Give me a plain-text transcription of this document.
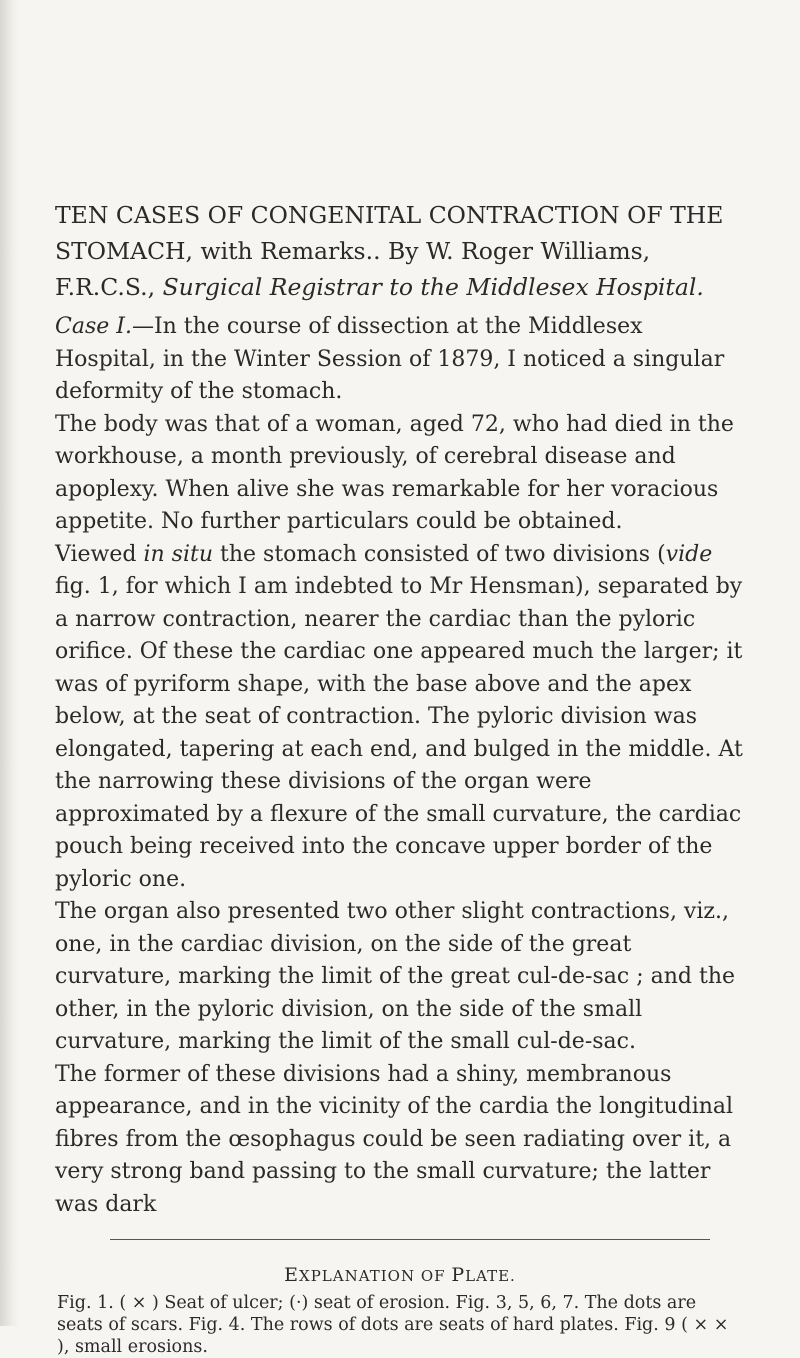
TEN CASES OF CONGENITAL CONTRACTION OF THE
STOMACH, with Remarks.. By W. Roger Williams,
F.R.C.S., Surgical Registrar to the Middlesex Hospital.

Case I.—In the course of dissection at the Middlesex Hospital, in the Winter Session of 1879, I noticed a singular deformity of the stomach.

The body was that of a woman, aged 72, who had died in the workhouse, a month previously, of cerebral disease and apoplexy. When alive she was remarkable for her voracious appetite. No further particulars could be obtained.

Viewed in situ the stomach consisted of two divisions (vide fig. 1, for which I am indebted to Mr Hensman), separated by a narrow contraction, nearer the cardiac than the pyloric orifice. Of these the cardiac one appeared much the larger; it was of pyriform shape, with the base above and the apex below, at the seat of contraction. The pyloric division was elongated, tapering at each end, and bulged in the middle. At the narrowing these divisions of the organ were approximated by a flexure of the small curvature, the cardiac pouch being received into the concave upper border of the pyloric one.

The organ also presented two other slight contractions, viz., one, in the cardiac division, on the side of the great curvature, marking the limit of the great cul-de-sac ; and the other, in the pyloric division, on the side of the small curvature, marking the limit of the small cul-de-sac.

The former of these divisions had a shiny, membranous appearance, and in the vicinity of the cardia the longitudinal fibres from the œsophagus could be seen radiating over it, a very strong band passing to the small curvature; the latter was dark

EXPLANATION OF PLATE.

Fig. 1. ( × ) Seat of ulcer; (·) seat of erosion. Fig. 3, 5, 6, 7. The dots are seats of scars. Fig. 4. The rows of dots are seats of hard plates. Fig. 9 ( × × ), small erosions.
